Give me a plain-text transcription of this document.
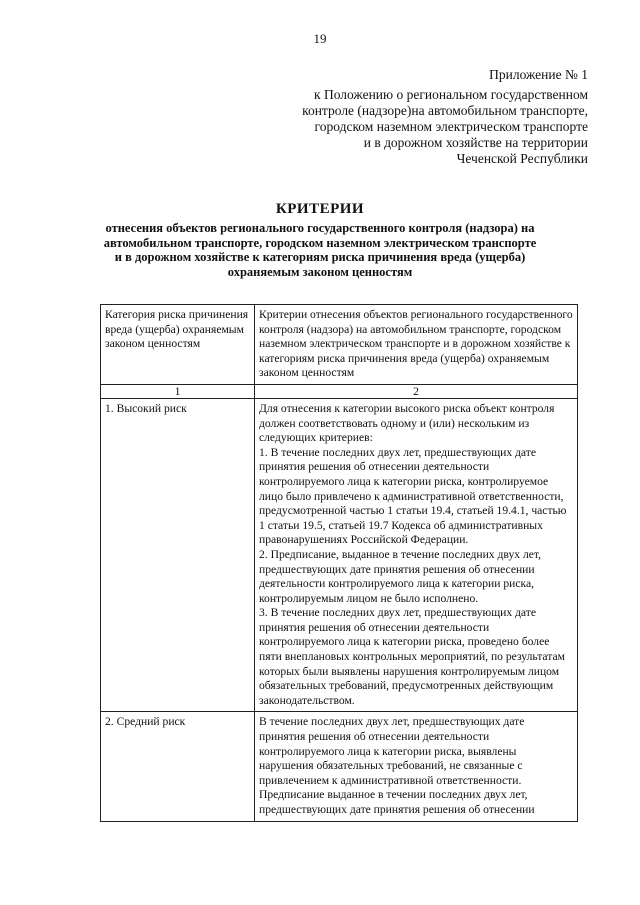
19
Приложение № 1
к Положению о региональном государственном
контроле (надзоре)на автомобильном транспорте,
городском наземном электрическом транспорте
и в дорожном хозяйстве на территории
Чеченской Республики
КРИТЕРИИ
отнесения объектов регионального государственного контроля (надзора) на автомобильном транспорте, городском наземном электрическом транспорте и в дорожном хозяйстве к категориям риска причинения вреда (ущерба) охраняемым законом ценностям
Категория риска причинения вреда (ущерба) охраняемым законом ценностям	Критерии отнесения объектов регионального государственного контроля (надзора) на автомобильном транспорте, городском наземном электрическом транспорте и в дорожном хозяйстве к категориям риска причинения вреда (ущерба) охраняемым законом ценностям
1	2
1. Высокий риск	Для отнесения к категории высокого риска объект контроля должен соответствовать одному и (или) нескольким из следующих критериев:
1. В течение последних двух лет, предшествующих дате принятия решения об отнесении деятельности контролируемого лица к категории риска, контролируемое лицо было привлечено к административной ответственности, предусмотренной частью 1 статьи 19.4, статьей 19.4.1, частью 1 статьи 19.5, статьей 19.7 Кодекса об административных правонарушениях Российской Федерации.
2. Предписание, выданное в течение последних двух лет, предшествующих дате принятия решения об отнесении деятельности контролируемого лица к категории риска, контролируемым лицом не было исполнено.
3. В течение последних двух лет, предшествующих дате принятия решения об отнесении деятельности контролируемого лица к категории риска, проведено более пяти внеплановых контрольных мероприятий, по результатам которых были выявлены нарушения контролируемым лицом обязательных требований, предусмотренных действующим законодательством.

2. Средний риск	В течение последних двух лет, предшествующих дате принятия решения об отнесении деятельности контролируемого лица к категории риска, выявлены нарушения обязательных требований, не связанные с привлечением к административной ответственности.
Предписание выданное в течении последних двух лет, предшествующих дате принятия решения об отнесении
